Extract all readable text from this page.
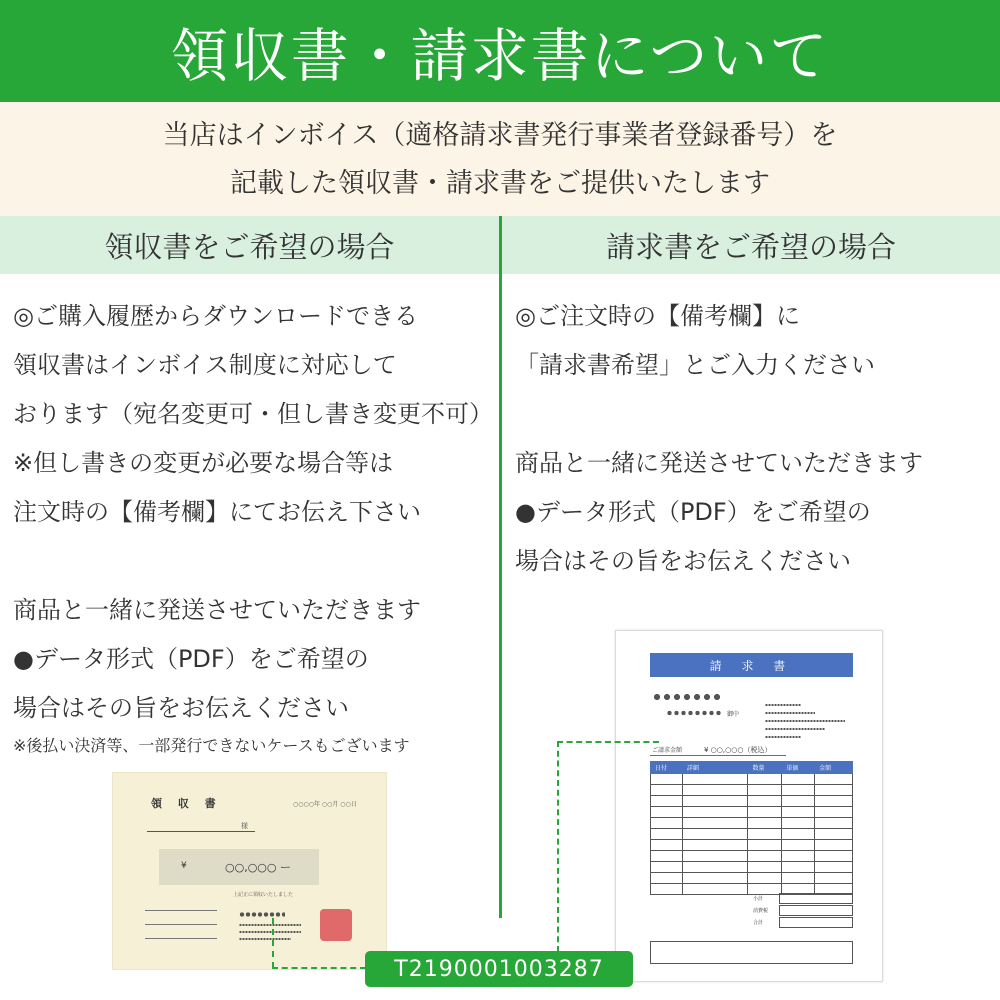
領収書・請求書について
当店はインボイス（適格請求書発行事業者登録番号）を
記載した領収書・請求書をご提供いたします
領収書をご希望の場合	請求書をご希望の場合
◎ご購入履歴からダウンロードできる
領収書はインボイス制度に対応して
おります（宛名変更可・但し書き変更不可）
※但し書きの変更が必要な場合等は
注文時の【備考欄】にてお伝え下さい
商品と一緒に発送させていただきます
●データ形式（PDF）をご希望の
場合はその旨をお伝えください
※後払い決済等、一部発行できないケースもございます
◎ご注文時の【備考欄】に
「請求書希望」とご入力ください
商品と一緒に発送させていただきます
●データ形式（PDF）をご希望の
場合はその旨をお伝えください
領 収 書	○○○○年 ○○月 ○○日
様
¥	○○,○○○ ー
上記正に領収いたしました
請 求 書
御中
ご請求金額	¥ ○○,○○○（税込）
日付	詳細	数量	単価	金額

小計
消費税
合計
T2190001003287
